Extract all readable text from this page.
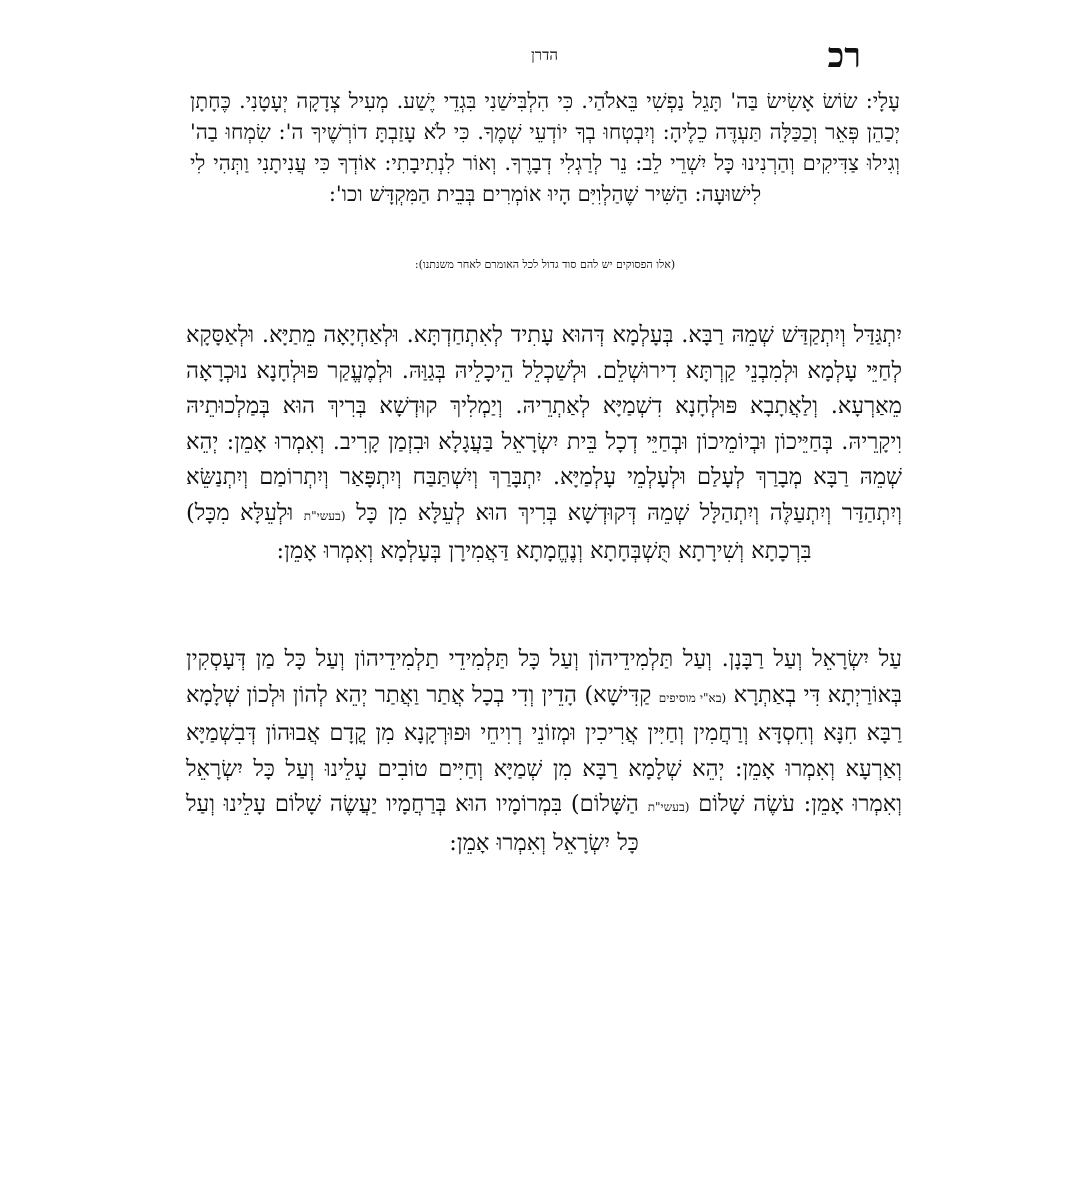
רכ
הדרן
עָלָי: שׂוֹשׂ אָשִׂישׂ בַּה' תָּגֵל נַפְשִׁי בֵּאלֹהַי. כִּי הִלְבִּישַׁנִי בִּגְדֵי יֶשַׁע. מְעִיל צְדָקָה יְעָטָנִי. כֶּחָתָן יְכַהֵן פְּאֵר וְכַכַּלָּה תַּעְדֶּה כֵלֶיהָ: וְיִבְטְחוּ בְךָ יוֹדְעֵי שְׁמֶךָ. כִּי לֹא עָזַבְתָּ דוֹרְשֶׁיךָ ה': שִׂמְחוּ בַה' וְגִילוּ צַדִּיקִים וְהַרְנִינוּ כָּל יִשְׁרֵי לֵב: נֵר לְרַגְלִי דְבָרֶךָ. וְאוֹר לִנְתִיבָתִי: אוֹדְךָ כִּי עֲנִיתָנִי וַתְּהִי לִי לִישׁוּעָה: הַשִּׁיר שֶׁהַלְוִיִּם הָיוּ אוֹמְרִים בְּבֵית הַמִּקְדָּשׁ וכו':
(אלו הפסוקים יש להם סוד גדול לכל האומרם לאחר משנתנו):
יִתְגַּדַּל וְיִתְקַדַּשׁ שְׁמֵהּ רַבָּא. בְּעָלְמָא דְּהוּא עָתִיד לְאִתְחַדְתָּא. וּלְאַחְיָאָה מֵתַיָּא. וּלְאַסָּקָא לְחַיֵּי עָלְמָא וּלְמִבְנֵי קַרְתָּא דִירוּשְׁלֵם. וּלְשַׁכְלֵל הֵיכָלֵיהּ בְּגַוַּהּ. וּלְמֶעֱקַר פּוּלְחָנָא נוּכְרָאָה מֵאַרְעָא. וְלַאֲתָבָא פּוּלְחָנָא דִשְׁמַיָּא לְאַתְרֵיהּ. וְיַמְלִיךְ קוּדְשָׁא בְּרִיךְ הוּא בְּמַלְכוּתֵיהּ וִיקָרֵיהּ. בְּחַיֵּיכוֹן וּבְיוֹמֵיכוֹן וּבְחַיֵּי דְכָל בֵּית יִשְׂרָאֵל בַּעֲגָלָא וּבִזְמַן קָרִיב. וְאִמְרוּ אָמֵן: יְהֵא שְׁמֵהּ רַבָּא מְבָרַךְ לְעָלַם וּלְעָלְמֵי עָלְמַיָּא. יִתְבָּרַךְ וְיִשְׁתַּבַּח וְיִתְפָּאַר וְיִתְרוֹמַם וְיִתְנַשֵּׂא וְיִתְהַדַּר וְיִתְעַלֶּה וְיִתְהַלָּל שְׁמֵהּ דְּקוּדְשָׁא בְּרִיךְ הוּא לְעֵלָּא מִן כָּל (בעשי"ת וּלְעֵלָּא מִכָּל) בִּרְכָתָא וְשִׁירָתָא תֻּשְׁבְּחָתָא וְנֶחֱמָתָא דַּאֲמִירָן בְּעָלְמָא וְאִמְרוּ אָמֵן:
עַל יִשְׂרָאֵל וְעַל רַבָּנָן. וְעַל תַּלְמִידֵיהוֹן וְעַל כָּל תַּלְמִידֵי תַלְמִידֵיהוֹן וְעַל כָּל מַן דְּעָסְקִין בְּאוֹרַיְתָא דִּי בְאַתְרָא (בא"י מוסיפים קַדִּישָׁא) הָדֵין וְדִי בְכָל אֲתַר וַאֲתַר יְהֵא לְהוֹן וּלְכוֹן שְׁלָמָא רַבָּא חִנָּא וְחִסְדָּא וְרַחֲמִין וְחַיִּין אֲרִיכִין וּמְזוֹנֵי רְוִיחֵי וּפוּרְקָנָא מִן קֳדָם אֲבוּהוֹן דְּבִשְׁמַיָּא וְאַרְעָא וְאִמְרוּ אָמֵן: יְהֵא שְׁלָמָא רַבָּא מִן שְׁמַיָּא וְחַיִּים טוֹבִים עָלֵינוּ וְעַל כָּל יִשְׂרָאֵל וְאִמְרוּ אָמֵן: עֹשֶׂה שָׁלוֹם (בעשי"ת הַשָּׁלוֹם) בִּמְרוֹמָיו הוּא בְּרַחֲמָיו יַעֲשֶׂה שָׁלוֹם עָלֵינוּ וְעַל כָּל יִשְׂרָאֵל וְאִמְרוּ אָמֵן:
